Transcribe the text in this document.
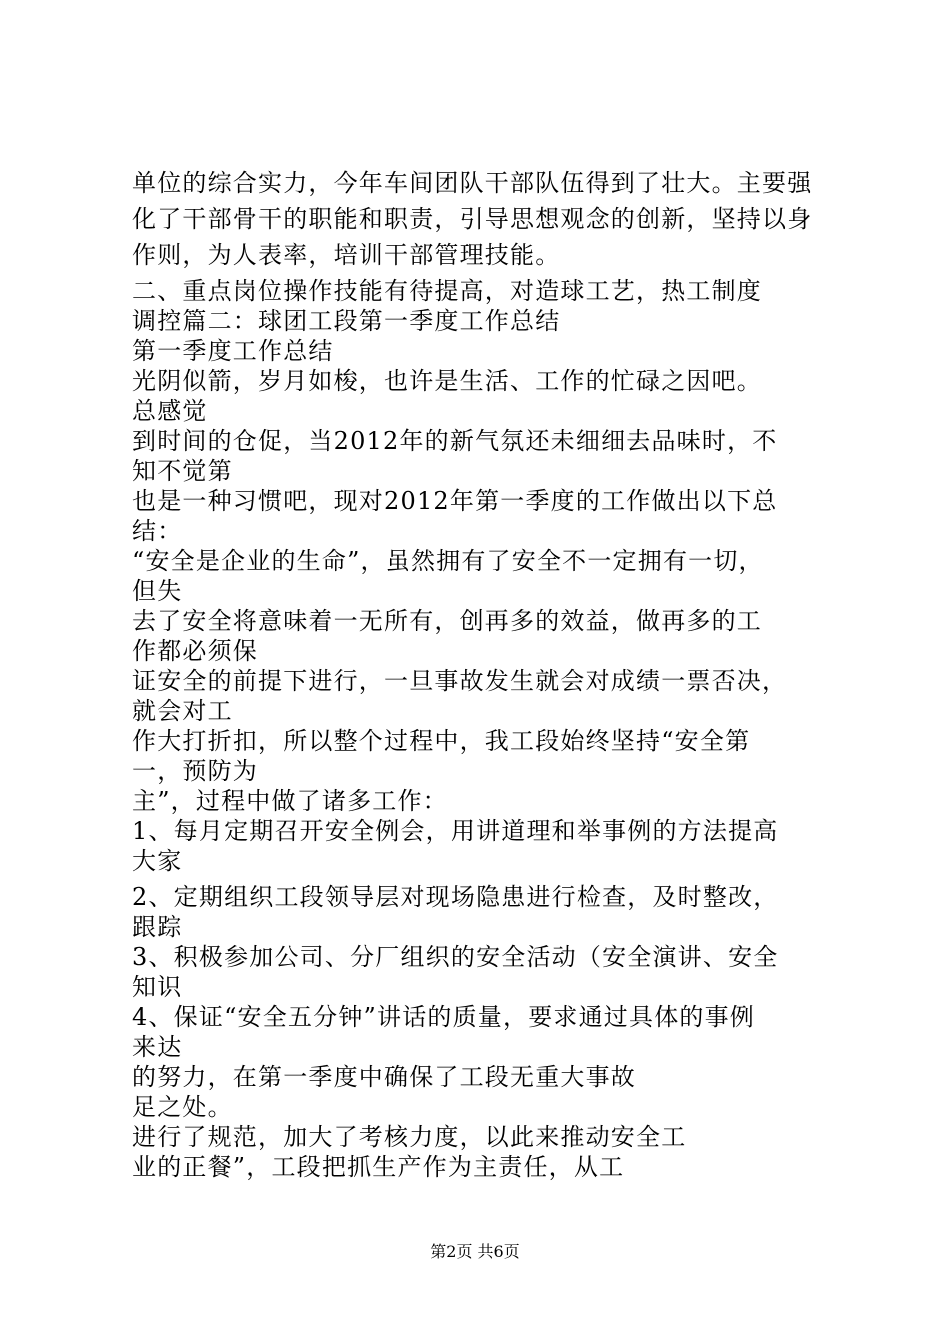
单位的综合实力，今年车间团队干部队伍得到了壮大。主要强
化了干部骨干的职能和职责，引导思想观念的创新，坚持以身
作则，为人表率，培训干部管理技能。
二、重点岗位操作技能有待提高，对造球工艺，热工制度
调控篇二：球团工段第一季度工作总结
第一季度工作总结
光阴似箭，岁月如梭，也许是生活、工作的忙碌之因吧。
总感觉
到时间的仓促，当2012年的新气氛还未细细去品味时，不
知不觉第
也是一种习惯吧，现对2012年第一季度的工作做出以下总
结：
“安全是企业的生命”，虽然拥有了安全不一定拥有一切，
但失
去了安全将意味着一无所有，创再多的效益，做再多的工
作都必须保
证安全的前提下进行，一旦事故发生就会对成绩一票否决，
就会对工
作大打折扣，所以整个过程中，我工段始终坚持“安全第
一，预防为
主”，过程中做了诸多工作：
1、每月定期召开安全例会，用讲道理和举事例的方法提高
大家
2、定期组织工段领导层对现场隐患进行检查，及时整改，
跟踪
3、积极参加公司、分厂组织的安全活动（安全演讲、安全
知识
4、保证“安全五分钟”讲话的质量，要求通过具体的事例
来达
的努力，在第一季度中确保了工段无重大事故
足之处。
进行了规范，加大了考核力度，以此来推动安全工
业的正餐”，工段把抓生产作为主责任，从工
第2页 共6页
